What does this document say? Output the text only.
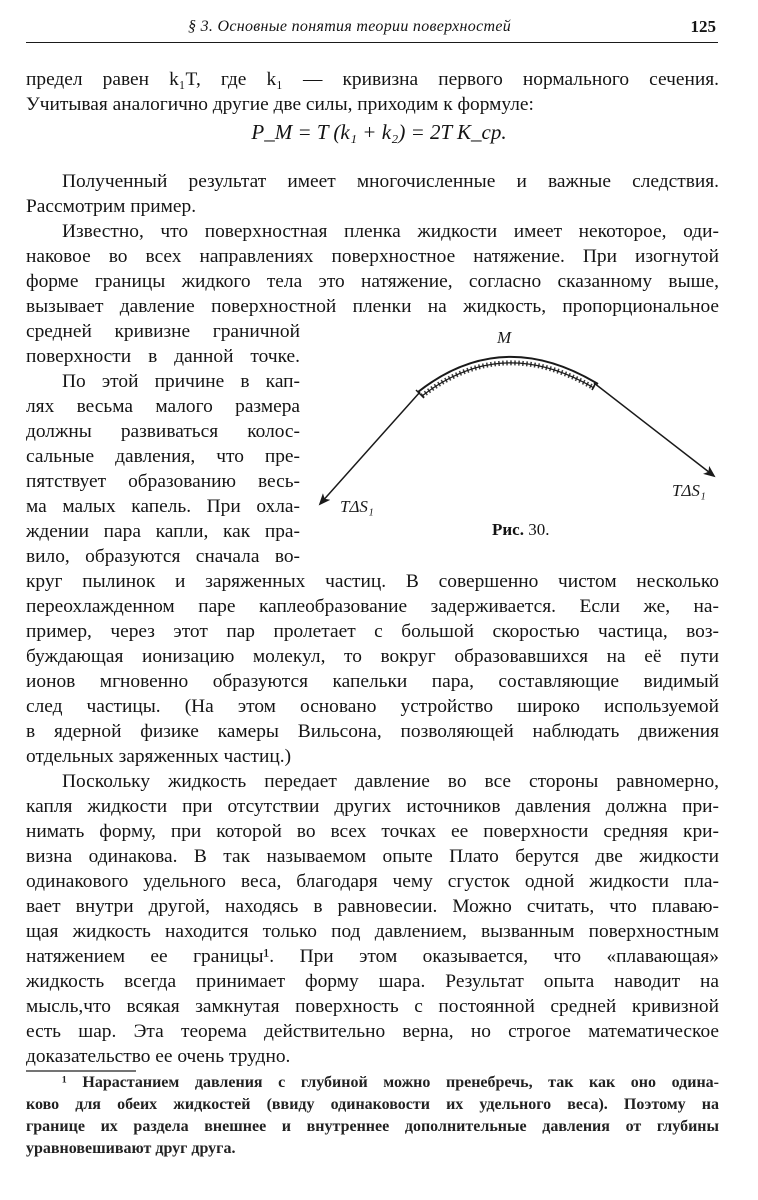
§ 3. Основные понятия теории поверхностей	125
предел равен k₁T, где k₁ — кривизна первого нормального сечения.
Учитывая аналогично другие две силы, приходим к формуле:
P_M = T (k₁ + k₂) = 2T K_ср.
Полученный результат имеет многочисленные и важные следствия.
Рассмотрим пример.
Известно, что поверхностная пленка жидкости имеет некоторое, оди-
наковое во всех направлениях поверхностное натяжение. При изогнутой
форме границы жидкого тела это натяжение, согласно сказанному выше,
вызывает давление поверхностной пленки на жидкость, пропорциональное
средней кривизне граничной
поверхности в данной точке.
По этой причине в кап-
лях весьма малого размера
должны развиваться колос-
сальные давления, что пре-
пятствует образованию весь-
ма малых капель. При охла-
ждении пара капли, как пра-
вило, образуются сначала во-
круг пылинок и заряженных частиц. В совершенно чистом несколько
переохлажденном паре каплеобразование задерживается. Если же, на-
пример, через этот пар пролетает с большой скоростью частица, воз-
буждающая ионизацию молекул, то вокруг образовавшихся на её пути
ионов мгновенно образуются капельки пара, составляющие видимый
след частицы. (На этом основано устройство широко используемой
в ядерной физике камеры Вильсона, позволяющей наблюдать движения
отдельных заряженных частиц.)
Поскольку жидкость передает давление во все стороны равномерно,
капля жидкости при отсутствии других источников давления должна при-
нимать форму, при которой во всех точках ее поверхности средняя кри-
визна одинакова. В так называемом опыте Плато берутся две жидкости
одинакового удельного веса, благодаря чему сгусток одной жидкости пла-
вает внутри другой, находясь в равновесии. Можно считать, что плаваю-
щая жидкость находится только под давлением, вызванным поверхностным
натяжением ее границы¹. При этом оказывается, что «плавающая»
жидкость всегда принимает форму шара. Результат опыта наводит на
мысль,что всякая замкнутая поверхность с постоянной средней кривизной
есть шар. Эта теорема действительно верна, но строгое математическое
доказательство ее очень трудно.
¹ Нарастанием давления с глубиной можно пренебречь, так как оно одина-
ково для обеих жидкостей (ввиду одинаковости их удельного веса). Поэтому на
границе их раздела внешнее и внутреннее дополнительные давления от глубины
уравновешивают друг друга.
M
TΔS₁
TΔS₁
Рис. 30.
